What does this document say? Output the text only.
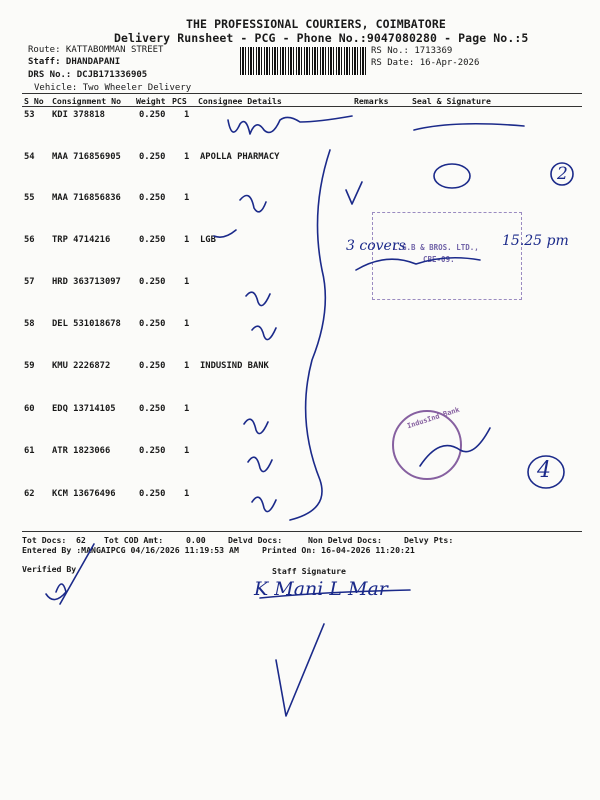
THE PROFESSIONAL COURIERS, COIMBATORE
Delivery Runsheet - PCG - Phone No.:9047080280 - Page No.:5
Route: KATTABOMMAN STREET
Staff: DHANDAPANI
DRS No.: DCJB171336905
Vehicle: Two Wheeler Delivery
RS No.: 1713369
RS Date: 16-Apr-2026
S No Consignment No Weight PCS Consignee Details	Remarks	Seal & Signature
53 KDI 378818	0.250 1
54 MAA 716856905 0.250 1 APOLLA PHARMACY
55 MAA 716856836 0.250 1
56 TRP 4714216	0.250 1 LGB
57 HRD 363713097 0.250 1
58 DEL 531018678 0.250 1
59 KMU 2226872	0.250 1 INDUSIND BANK
60 EDQ 13714105	0.250 1
61 ATR 1823066	0.250 1
62 KCM 13676496	0.250 1
Tot Docs: 62 Tot COD Amt:	0.00	Delvd Docs:	Non Delvd Docs:	Delvy Pts:
Entered By :MANGAIPCG 04/16/2026 11:19:53 AM	Printed On: 16-04-2026 11:20:21
Verified By	Staff Signature
L.G.B & BROS. LTD.,
CBE-09.
IndusInd Bank
3 covers	15.25 pm
2
4
K Mani L Mar
